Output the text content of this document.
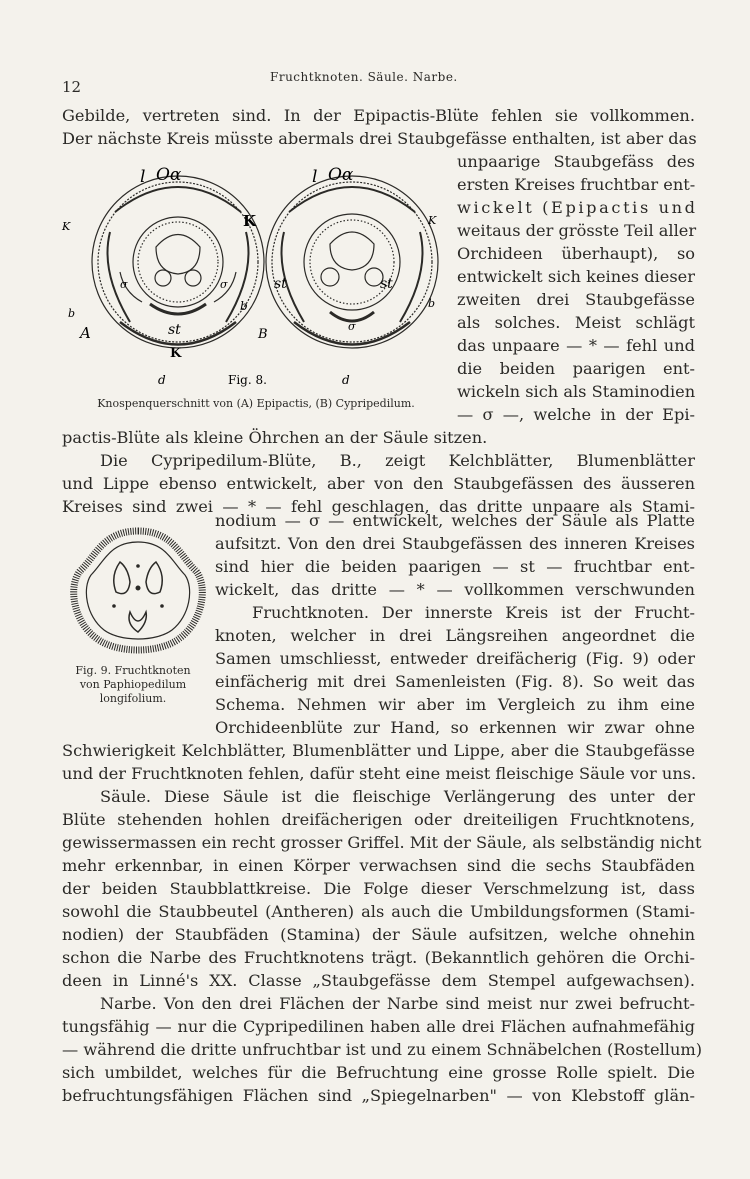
12
Fruchtknoten. Säule. Narbe.
Gebilde, vertreten sind. In der Epipactis-Blüte fehlen sie vollkommen.
Der nächste Kreis müsste abermals drei Staubgefässe enthalten, ist aber das
l Oα
K
b
A	st
K
d
σ	σ
l Oα
K
b
B
st	st
σ
d
K
b
Fig. 8.
Knospenquerschnitt von (A) Epipactis, (B) Cypripedilum.
unpaarige Staubgefäss des
ersten Kreises fruchtbar ent-
wickelt (Epipactis und
weitaus der grösste Teil aller
Orchideen überhaupt), so
entwickelt sich keines dieser
zweiten drei Staubgefässe
als solches. Meist schlägt
das unpaare — * — fehl und
die beiden paarigen ent-
wickeln sich als Staminodien
— σ —, welche in der Epi-
pactis-Blüte als kleine Öhrchen an der Säule sitzen.
Die Cypripedilum-Blüte, B., zeigt Kelchblätter, Blumenblätter
und Lippe ebenso entwickelt, aber von den Staubgefässen des äusseren
Kreises sind zwei — * — fehl geschlagen, das dritte unpaare als Stami-
Fig. 9. Fruchtknoten
von Paphiopedilum
longifolium.
nodium — σ — entwickelt, welches der Säule als Platte
aufsitzt. Von den drei Staubgefässen des inneren Kreises
sind hier die beiden paarigen — st — fruchtbar ent-
wickelt, das dritte — * — vollkommen verschwunden
Fruchtknoten. Der innerste Kreis ist der Frucht-
knoten, welcher in drei Längsreihen angeordnet die
Samen umschliesst, entweder dreifächerig (Fig. 9) oder
einfächerig mit drei Samenleisten (Fig. 8). So weit das
Schema. Nehmen wir aber im Vergleich zu ihm eine
Orchideenblüte zur Hand, so erkennen wir zwar ohne
Schwierigkeit Kelchblätter, Blumenblätter und Lippe, aber die Staubgefässe
und der Fruchtknoten fehlen, dafür steht eine meist fleischige Säule vor uns.
Säule. Diese Säule ist die fleischige Verlängerung des unter der
Blüte stehenden hohlen dreifächerigen oder dreiteiligen Fruchtknotens,
gewissermassen ein recht grosser Griffel. Mit der Säule, als selbständig nicht
mehr erkennbar, in einen Körper verwachsen sind die sechs Staubfäden
der beiden Staubblattkreise. Die Folge dieser Verschmelzung ist, dass
sowohl die Staubbeutel (Antheren) als auch die Umbildungsformen (Stami-
nodien) der Staubfäden (Stamina) der Säule aufsitzen, welche ohnehin
schon die Narbe des Fruchtknotens trägt. (Bekanntlich gehören die Orchi-
deen in Linné's XX. Classe „Staubgefässe dem Stempel aufgewachsen).
Narbe. Von den drei Flächen der Narbe sind meist nur zwei befrucht-
tungsfähig — nur die Cypripedilinen haben alle drei Flächen aufnahmefähig
— während die dritte unfruchtbar ist und zu einem Schnäbelchen (Rostellum)
sich umbildet, welches für die Befruchtung eine grosse Rolle spielt. Die
befruchtungsfähigen Flächen sind „Spiegelnarben" — von Klebstoff glän-
